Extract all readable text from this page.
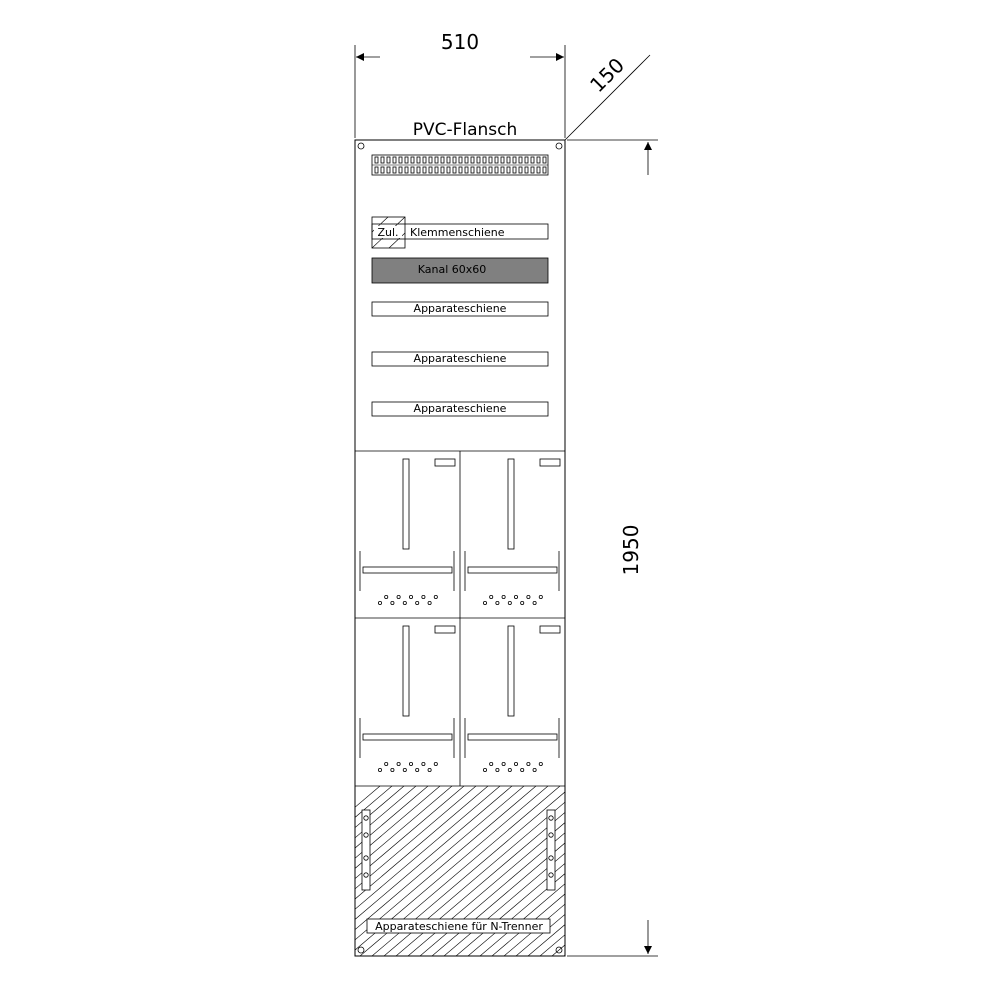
510
150
1950
PVC-Flansch
Zul. Klemmenschiene
Kanal 60x60
Apparateschiene
Apparateschiene
Apparateschiene
Apparateschiene für N-Trenner
